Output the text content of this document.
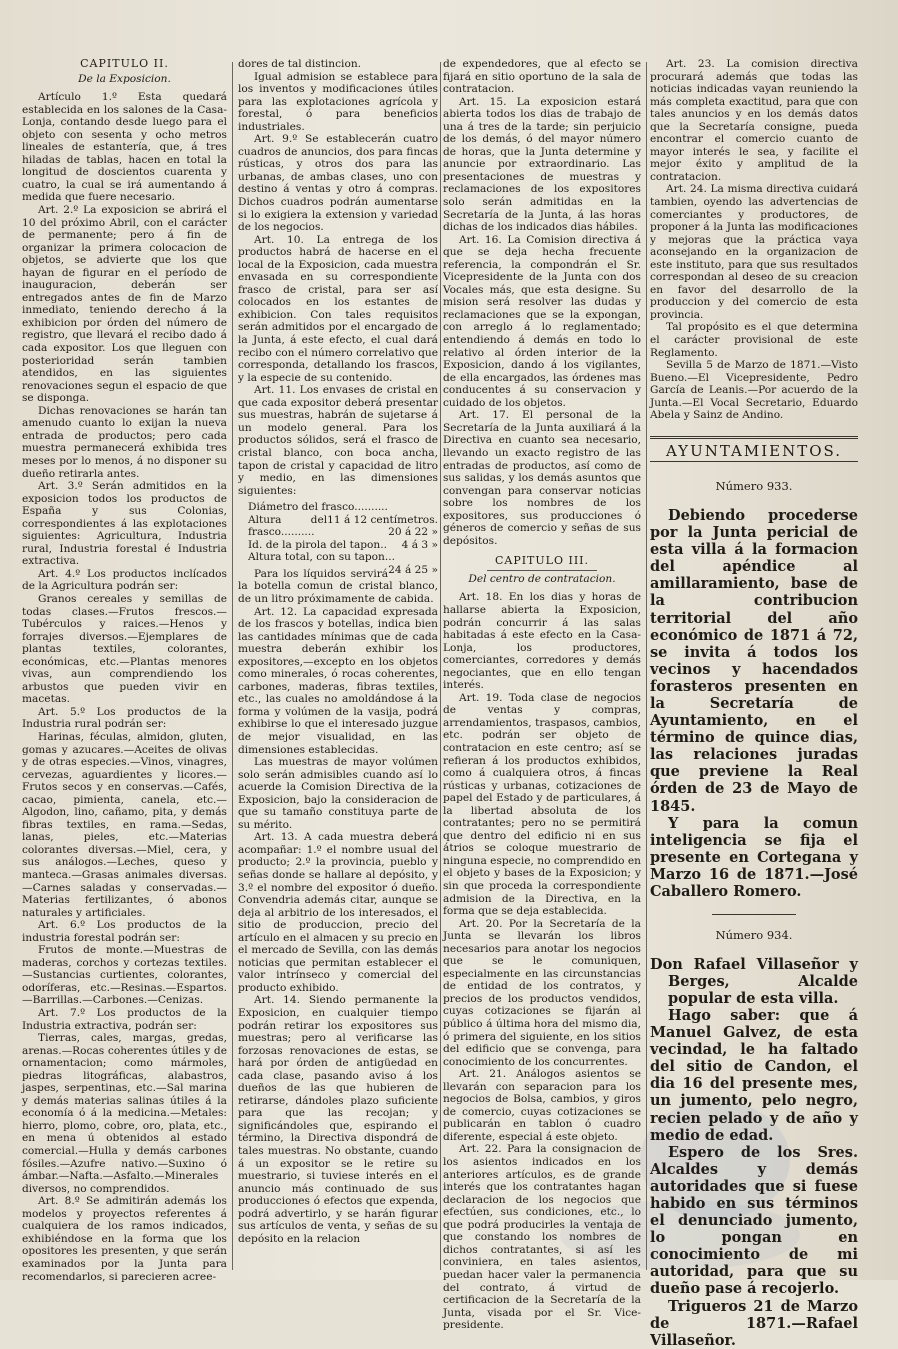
CAPITULO II.

De la Exposicion.

Artículo 1.º Esta quedará establecida en los salones de la Casa-Lonja, contando desde luego para el objeto con sesenta y ocho metros lineales de estantería, que, á tres hiladas de tablas, hacen en total la longitud de doscientos cuarenta y cuatro, la cual se irá aumentando á medida que fuere necesario.

Art. 2.º La exposicion se abrirá el 10 del próximo Abril, con el carácter de permanente; pero á fin de organizar la primera colocacion de objetos, se advierte que los que hayan de figurar en el período de inauguracion, deberán ser entregados antes de fin de Marzo inmediato, teniendo derecho á la exhibicion por órden del número de registro, que llevará el recibo dado á cada expositor. Los que lleguen con posterioridad serán tambien atendidos, en las siguientes renovaciones segun el espacio de que se disponga.

Dichas renovaciones se harán tan amenudo cuanto lo exijan la nueva entrada de productos; pero cada muestra permanecerá exhibida tres meses por lo menos, á no disponer su dueño retirarla antes.

Art. 3.º Serán admitidos en la exposicion todos los productos de España y sus Colonias, correspondientes á las explotaciones siguientes: Agricultura, Industria rural, Industria forestal é Industria extractiva.

Art. 4.º Los productos inclícados de la Agricultura podrán ser:

Granos cereales y semillas de todas clases.—Frutos frescos.—Tubérculos y raices.—Henos y forrajes diversos.—Ejemplares de plantas textiles, colorantes, económicas, etc.—Plantas menores vivas, aun comprendiendo los arbustos que pueden vivir en macetas.

Art. 5.º Los productos de la Industria rural podrán ser:

Harinas, féculas, almidon, gluten, gomas y azucares.—Aceites de olivas y de otras especies.—Vinos, vinagres, cervezas, aguardientes y licores.—Frutos secos y en conservas.—Cafés, cacao, pimienta, canela, etc.—Algodon, lino, cañamo, pita, y demás fibras textiles, en rama.—Sedas, lanas, pieles, etc.—Materias colorantes diversas.—Miel, cera, y sus análogos.—Leches, queso y manteca.—Grasas animales diversas.—Carnes saladas y conservadas.—Materias fertilizantes, ó abonos naturales y artificiales.

Art. 6.º Los productos de la industria forestal podrán ser:

Frutos de monte.—Muestras de maderas, corchos y cortezas textiles.—Sustancias curtientes, colorantes, odoríferas, etc.—Resinas.—Espartos.—Barrillas.—Carbones.—Cenizas.

Art. 7.º Los productos de la Industria extractiva, podrán ser:

Tierras, cales, margas, gredas, arenas.—Rocas coherentes útiles y de ornamentacion; como mármoles, piedras litográficas, alabastros, jaspes, serpentinas, etc.—Sal marina y demás materias salinas útiles á la economía ó á la medicina.—Metales: hierro, plomo, cobre, oro, plata, etc., en mena ú obtenidos al estado comercial.—Hulla y demás carbones fósiles.—Azufre nativo.—Suxino ó ámbar.—Nafta.—Asfalto.—Minerales diversos, no comprendidos.

Art. 8.º Se admitirán además los modelos y proyectos referentes á cualquiera de los ramos indicados, exhibiéndose en la forma que los opositores les presenten, y que serán examinados por la Junta para recomendarlos, si parecieren acree-

dores de tal distincion.

Igual admision se establece para los inventos y modificaciones útiles para las explotaciones agrícola y forestal, ó para beneficios industriales.

Art. 9.º Se establecerán cuatro cuadros de anuncios, dos para fincas rústicas, y otros dos para las urbanas, de ambas clases, uno con destino á ventas y otro á compras. Dichos cuadros podrán aumentarse si lo exigiera la extension y variedad de los negocios.

Art. 10. La entrega de los productos habrá de hacerse en el local de la Exposicion, cada muestra envasada en su correspondiente frasco de cristal, para ser así colocados en los estantes de exhibicion. Con tales requisitos serán admitidos por el encargado de la Junta, á este efecto, el cual dará recibo con el número correlativo que corresponda, detallando los frascos, y la especie de su contenido.

Art. 11. Los envases de cristal en que cada expositor deberá presentar sus muestras, habrán de sujetarse á un modelo general. Para los productos sólidos, será el frasco de cristal blanco, con boca ancha, tapon de cristal y capacidad de litro y medio, en las dimensiones siguientes:

Diámetro del frasco..........
11 á 12 centímetros.

Altura del frasco..........	20 á 22 »

Id. de la pirola del tapon.. 4 á 3 »

Altura total, con su tapon...
24 á 25 »

Para los líquidos servirá la botella comun de cristal blanco, de un litro próximamente de cabida.

Art. 12. La capacidad expresada de los frascos y botellas, indica bien las cantidades mínimas que de cada muestra deberán exhibir los expositores,—excepto en los objetos como minerales, ó rocas coherentes, carbones, maderas, fibras textiles, etc., las cuales no amoldándose á la forma y volúmen de la vasija, podrá exhibirse lo que el interesado juzgue de mejor visualidad, en las dimensiones establecidas.

Las muestras de mayor volúmen solo serán admisibles cuando así lo acuerde la Comision Directiva de la Exposicion, bajo la consideracion de que su tamaño constituya parte de su mérito.

Art. 13. A cada muestra deberá acompañar: 1.º el nombre usual del producto; 2.º la provincia, pueblo y señas donde se hallare al depósito, y 3.º el nombre del expositor ó dueño. Convendria además citar, aunque se deja al arbitrio de los interesados, el sitio de produccion, precio del artículo en el almacen y su precio en el mercado de Sevilla, con las demás noticias que permitan establecer el valor intrínseco y comercial del producto exhibido.

Art. 14. Siendo permanente la Exposicion, en cualquier tiempo podrán retirar los expositores sus muestras; pero al verificarse las forzosas renovaciones de estas, se hará por órden de antigüedad en cada clase, pasando aviso á los dueños de las que hubieren de retirarse, dándoles plazo suficiente para que las recojan; y significándoles que, espirando el término, la Directiva dispondrá de tales muestras. No obstante, cuando á un expositor se le retire su muestrario, si tuviese interés en el anuncio más continuado de sus producciones ó efectos que expenda, podrá advertirlo, y se harán figurar sus artículos de venta, y señas de su depósito en la relacion

de expendedores, que al efecto se fijará en sitio oportuno de la sala de contratacion.

Art. 15. La exposicion estará abierta todos los dias de trabajo de una á tres de la tarde; sin perjuicio de los demás, ó del mayor número de horas, que la Junta determine y anuncie por extraordinario. Las presentaciones de muestras y reclamaciones de los expositores solo serán admitidas en la Secretaría de la Junta, á las horas dichas de los indicados dias hábiles.

Art. 16. La Comision directiva á que se deja hecha frecuente referencia, la compondrán el Sr. Vicepresidente de la Junta con dos Vocales más, que esta designe. Su mision será resolver las dudas y reclamaciones que se la expongan, con arreglo á lo reglamentado; entendiendo á demás en todo lo relativo al órden interior de la Exposicion, dando á los vigilantes, de ella encargados, las órdenes mas conducentes á su conservacion y cuidado de los objetos.

Art. 17. El personal de la Secretaría de la Junta auxiliará á la Directiva en cuanto sea necesario, llevando un exacto registro de las entradas de productos, así como de sus salidas, y los demás asuntos que convengan para conservar noticias sobre los nombres de los expositores, sus producciones ó géneros de comercio y señas de sus depósitos.

CAPITULO III.

Del centro de contratacion.

Art. 18. En los dias y horas de hallarse abierta la Exposicion, podrán concurrir á las salas habitadas á este efecto en la Casa-Lonja, los productores, comerciantes, corredores y demás negociantes, que en ello tengan interés.

Art. 19. Toda clase de negocios de ventas y compras, arrendamientos, traspasos, cambios, etc. podrán ser objeto de contratacion en este centro; así se refieran á los productos exhibidos, como á cualquiera otros, á fincas rústicas y urbanas, cotizaciones de papel del Estado y de particulares, á la libertad absoluta de los contratantes; pero no se permitirá que dentro del edificio ni en sus átrios se coloque muestrario de ninguna especie, no comprendido en el objeto y bases de la Exposicion; y sin que proceda la correspondiente admision de la Directiva, en la forma que se deja establecida.

Art. 20. Por la Secretaría de la Junta se llevarán los libros necesarios para anotar los negocios que se le comuniquen, especialmente en las circunstancias de entidad de los contratos, y precios de los productos vendidos, cuyas cotizaciones se fijarán al público á última hora del mismo dia, ó primera del siguiente, en los sitios del edificio que se convenga, para conocimiento de los concurrentes.

Art. 21. Análogos asientos se llevarán con separacion para los negocios de Bolsa, cambios, y giros de comercio, cuyas cotizaciones se publicarán en tablon ó cuadro diferente, especial á este objeto.

Art. 22. Para la consignacion de los asientos indicados en los anteriores artículos, es de grande interés que los contratantes hagan declaracion de los negocios que efectúen, sus condiciones, etc., lo que podrá producirles la ventaja de que constando los nombres de dichos contratantes, si así les conviniera, en tales asientos, puedan hacer valer la permanencia del contrato, á virtud de certificacion de la Secretaría de la Junta, visada por el Sr. Vice-presidente.

Art. 23. La comision directiva procurará además que todas las noticias indicadas vayan reuniendo la más completa exactitud, para que con tales anuncios y en los demás datos que la Secretaría consigne, pueda encontrar el comercio cuanto de mayor interés le sea, y facilite el mejor éxito y amplitud de la contratacion.

Art. 24. La misma directiva cuidará tambien, oyendo las advertencias de comerciantes y productores, de proponer á la Junta las modificaciones y mejoras que la práctica vaya aconsejando en la organizacion de este instituto, para que sus resultados correspondan al deseo de su creacion en favor del desarrollo de la produccion y del comercio de esta provincia.

Tal propósito es el que determina el carácter provisional de este Reglamento.

Sevilla 5 de Marzo de 1871.—Visto Bueno.—El Vicepresidente, Pedro García de Leanis.—Por acuerdo de la Junta.—El Vocal Secretario, Eduardo Abela y Sainz de Andino.

AYUNTAMIENTOS.

Número 933.

Debiendo procederse por la Junta pericial de esta villa á la formacion del apéndice al amillaramiento, base de la contribucion territorial del año económico de 1871 á 72, se invita á todos los vecinos y hacendados forasteros presenten en la Secretaría de Ayuntamiento, en el término de quince dias, las relaciones juradas que previene la Real órden de 23 de Mayo de 1845.

Y para la comun inteligencia se fija el presente en Cortegana y Marzo 16 de 1871.—José Caballero Romero.

Número 934.

Don Rafael Villaseñor y Berges, Alcalde popular de esta villa.

Hago saber: que á Manuel Galvez, de esta vecindad, le ha faltado del sitio de Candon, el dia 16 del presente mes, un jumento, pelo negro, recien pelado y de año y medio de edad.

Espero de los Sres. Alcaldes y demás autoridades que si fuese habido en sus términos el denunciado jumento, lo pongan en conocimiento de mi autoridad, para que su dueño pase á recojerlo.

Trigueros 21 de Marzo de 1871.—Rafael Villaseñor.
